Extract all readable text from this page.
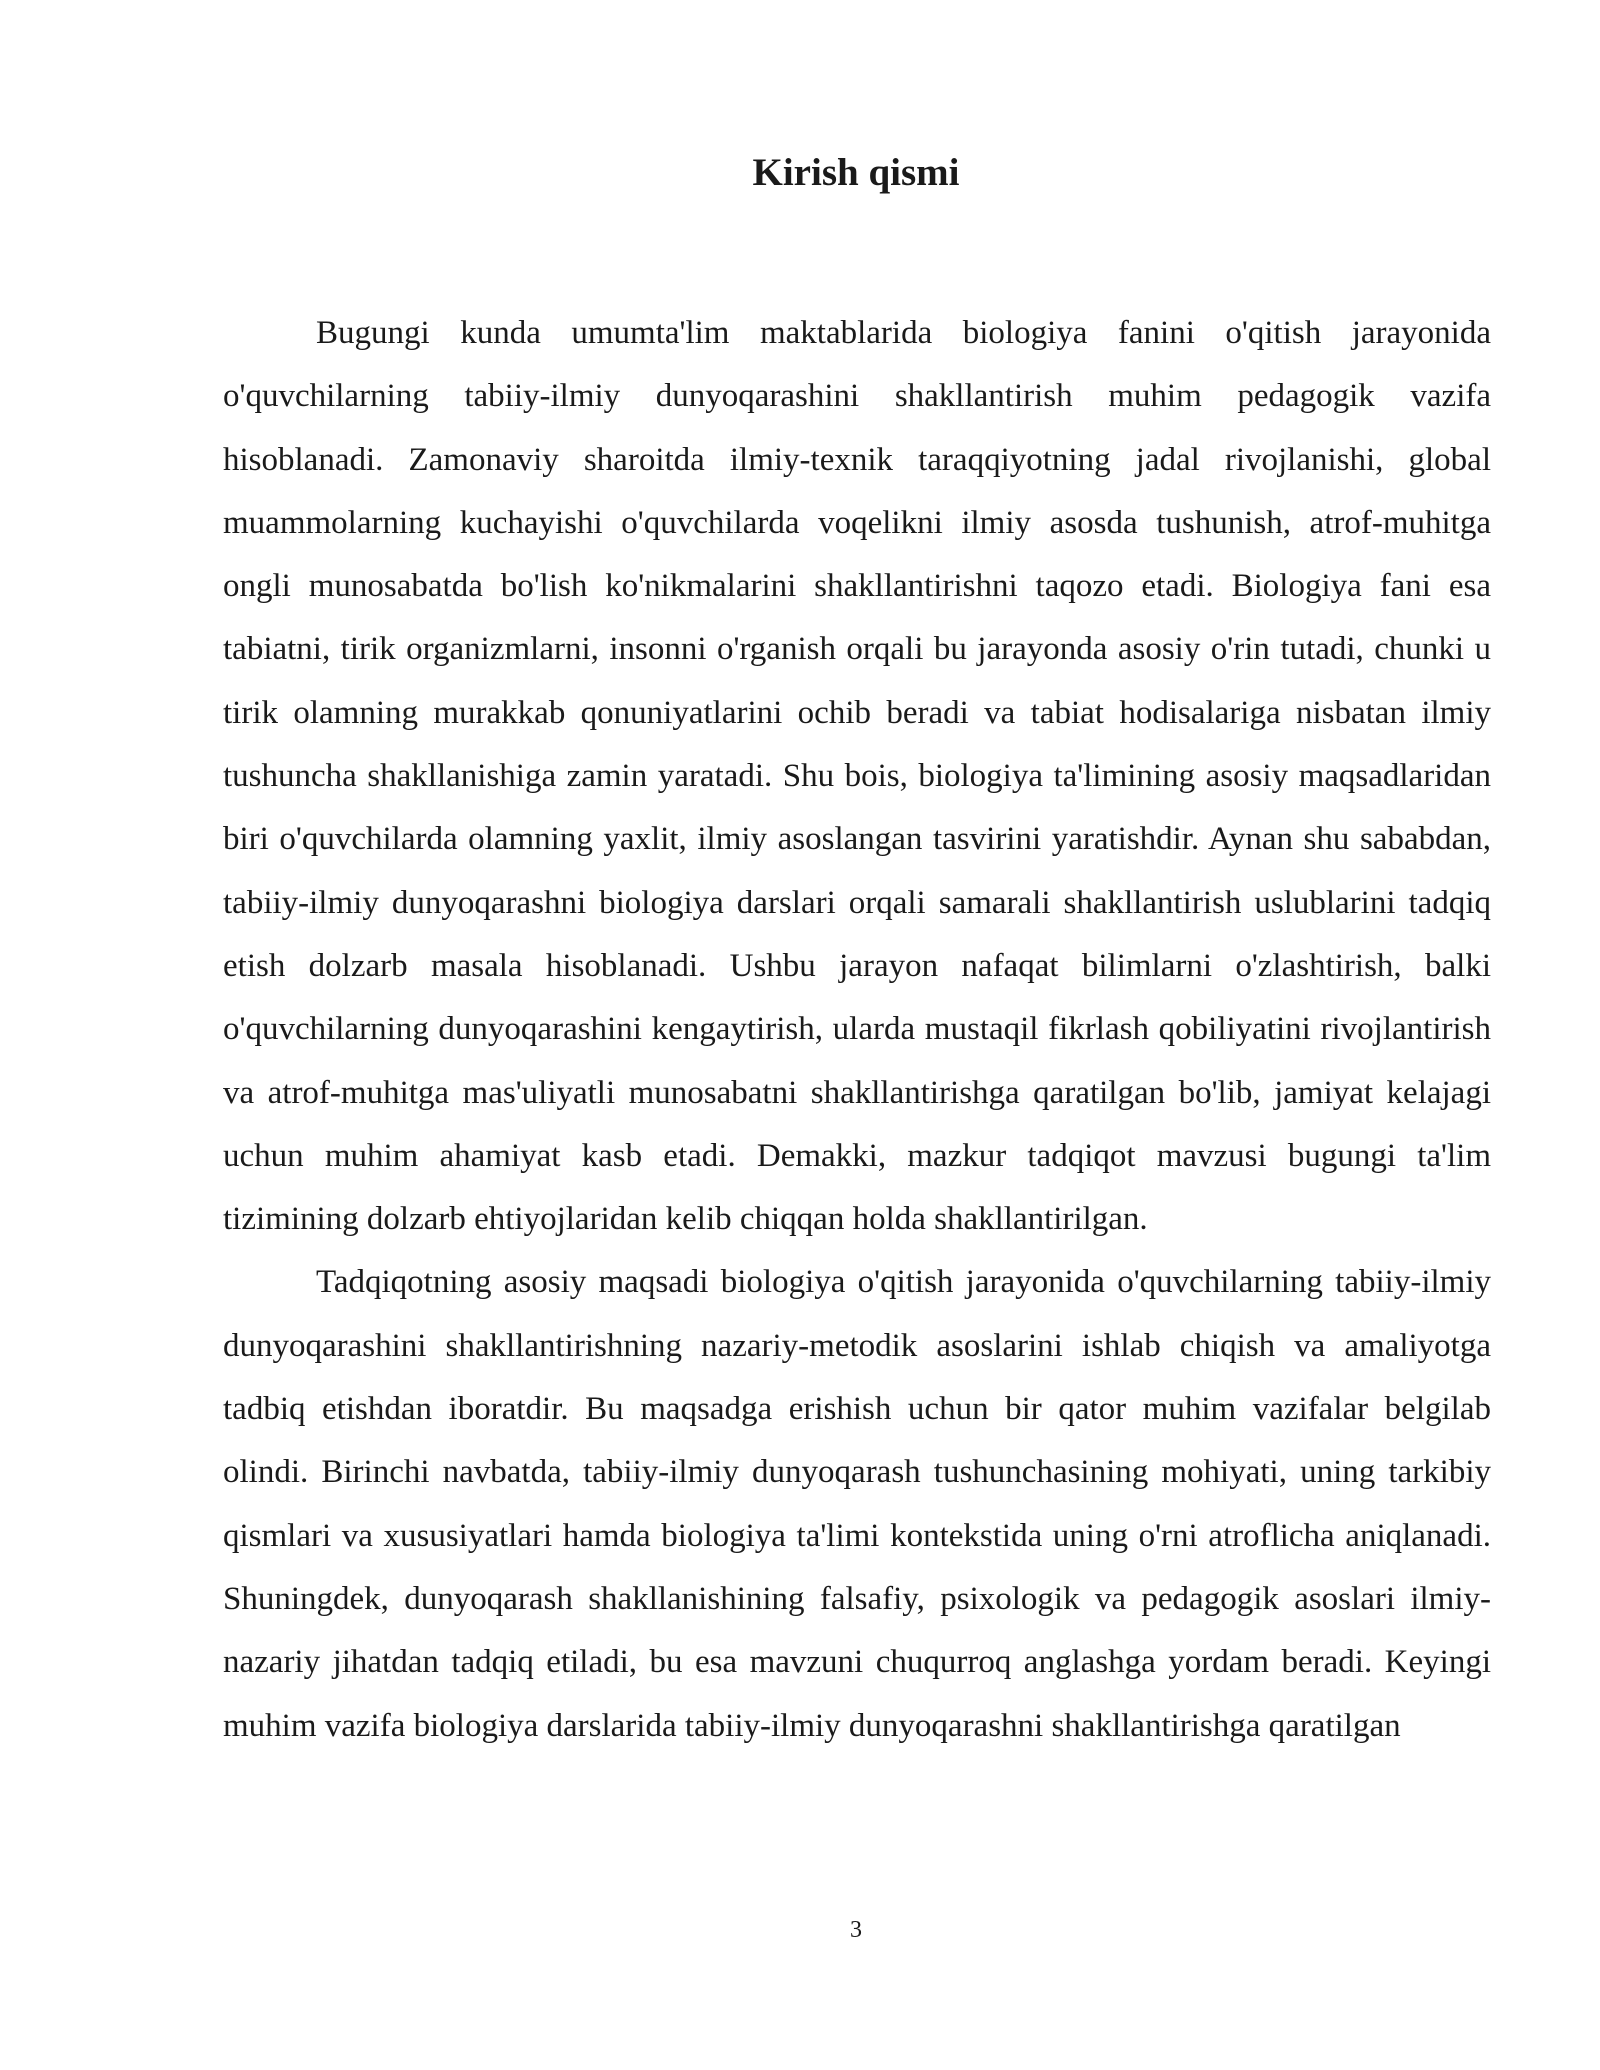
Kirish qismi

Bugungi kunda umumta'lim maktablarida biologiya fanini o'qitish jarayonida o'quvchilarning tabiiy-ilmiy dunyoqarashini shakllantirish muhim pedagogik vazifa hisoblanadi. Zamonaviy sharoitda ilmiy-texnik taraqqiyotning jadal rivojlanishi, global muammolarning kuchayishi o'quvchilarda voqelikni ilmiy asosda tushunish, atrof-muhitga ongli munosabatda bo'lish ko'nikmalarini shakllantirishni taqozo etadi. Biologiya fani esa tabiatni, tirik organizmlarni, insonni o'rganish orqali bu jarayonda asosiy o'rin tutadi, chunki u tirik olamning murakkab qonuniyatlarini ochib beradi va tabiat hodisalariga nisbatan ilmiy tushuncha shakllanishiga zamin yaratadi. Shu bois, biologiya ta'limining asosiy maqsadlaridan biri o'quvchilarda olamning yaxlit, ilmiy asoslangan tasvirini yaratishdir. Aynan shu sababdan, tabiiy-ilmiy dunyoqarashni biologiya darslari orqali samarali shakllantirish uslublarini tadqiq etish dolzarb masala hisoblanadi. Ushbu jarayon nafaqat bilimlarni o'zlashtirish, balki o'quvchilarning dunyoqarashini kengaytirish, ularda mustaqil fikrlash qobiliyatini rivojlantirish va atrof-muhitga mas'uliyatli munosabatni shakllantirishga qaratilgan bo'lib, jamiyat kelajagi uchun muhim ahamiyat kasb etadi. Demakki, mazkur tadqiqot mavzusi bugungi ta'lim tizimining dolzarb ehtiyojlaridan kelib chiqqan holda shakllantirilgan.

Tadqiqotning asosiy maqsadi biologiya o'qitish jarayonida o'quvchilarning tabiiy-ilmiy dunyoqarashini shakllantirishning nazariy-metodik asoslarini ishlab chiqish va amaliyotga tadbiq etishdan iboratdir. Bu maqsadga erishish uchun bir qator muhim vazifalar belgilab olindi. Birinchi navbatda, tabiiy-ilmiy dunyoqarash tushunchasining mohiyati, uning tarkibiy qismlari va xususiyatlari hamda biologiya ta'limi kontekstida uning o'rni atroflicha aniqlanadi. Shuningdek, dunyoqarash shakllanishining falsafiy, psixologik va pedagogik asoslari ilmiy-nazariy jihatdan tadqiq etiladi, bu esa mavzuni chuqurroq anglashga yordam beradi. Keyingi muhim vazifa biologiya darslarida tabiiy-ilmiy dunyoqarashni shakllantirishga qaratilgan

3
